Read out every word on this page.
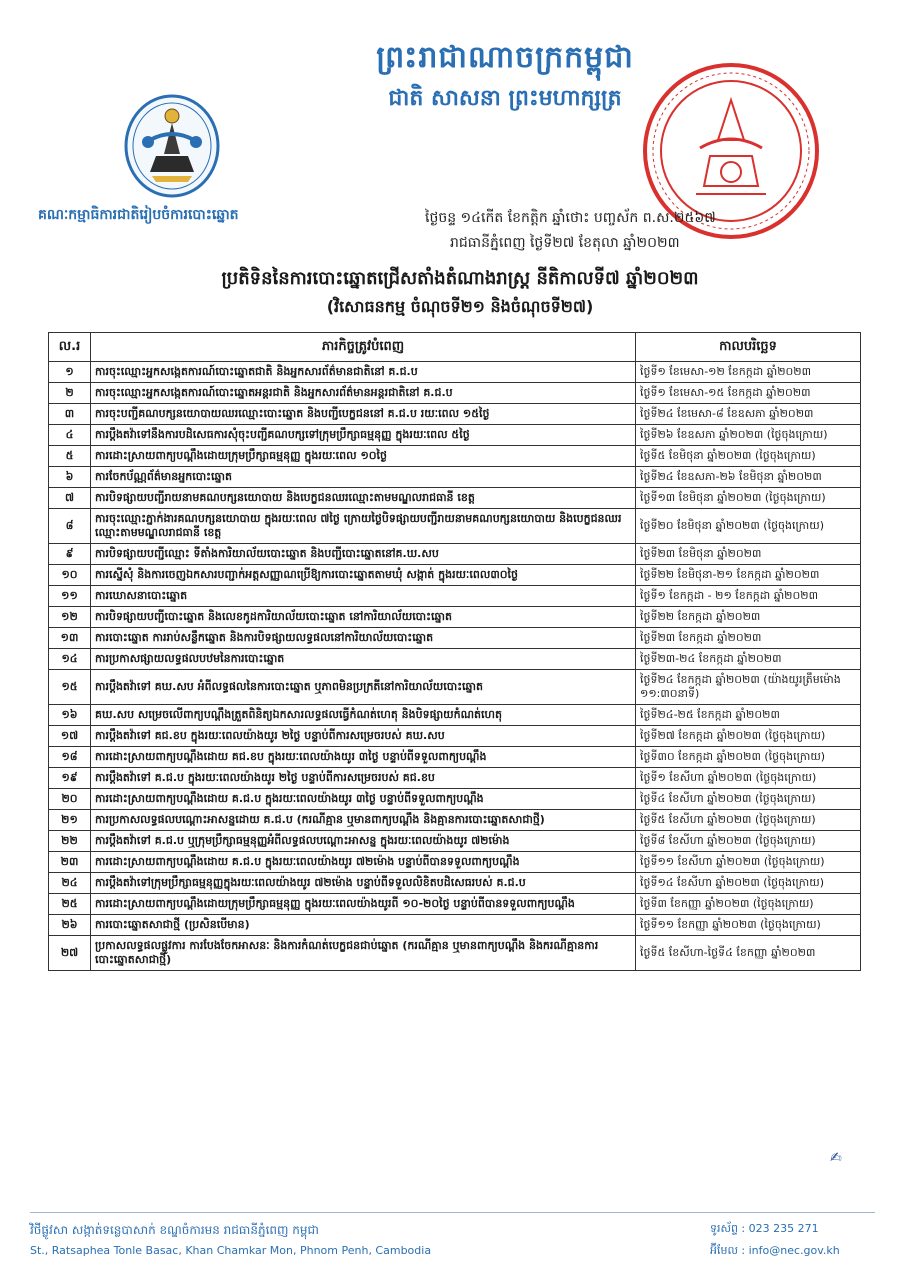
ព្រះរាជាណាចក្រកម្ពុជា
ជាតិ សាសនា ព្រះមហាក្សត្រ
គណៈកម្មាធិការជាតិរៀបចំការបោះឆ្នោត	ថ្ងៃចន្ទ ១៤កើត ខែកត្តិក ឆ្នាំថោះ បញ្ចស័ក ព.ស.២៥៦៧
រាជធានីភ្នំពេញ ថ្ងៃទី២៧ ខែតុលា ឆ្នាំ២០២៣
ប្រតិទិននៃការបោះឆ្នោតជ្រើសតាំងតំណាងរាស្ត្រ នីតិកាលទី៧ ឆ្នាំ២០២៣
(វិសោធនកម្ម ចំណុចទី២១ និងចំណុចទី២៧)
ល.រ	ភារកិច្ចត្រូវបំពេញ	កាលបរិច្ឆេទ
១	ការចុះឈ្មោះអ្នកសង្កេតការណ៍បោះឆ្នោតជាតិ និងអ្នកសារព័ត៌មានជាតិនៅ គ.ជ.ប	ថ្ងៃទី១ ខែមេសា-១២ ខែកក្កដា ឆ្នាំ២០២៣
២	ការចុះឈ្មោះអ្នកសង្កេតការណ៍បោះឆ្នោតអន្តរជាតិ និងអ្នកសារព័ត៌មានអន្តរជាតិនៅ គ.ជ.ប	ថ្ងៃទី១ ខែមេសា-១៥ ខែកក្កដា ឆ្នាំ២០២៣
៣	ការចុះបញ្ជីគណបក្សនយោបាយឈរឈ្មោះបោះឆ្នោត និងបញ្ជីបេក្ខជននៅ គ.ជ.ប រយៈពេល ១៥ថ្ងៃ	ថ្ងៃទី២៤ ខែមេសា-៨ ខែឧសភា ឆ្នាំ២០២៣
៤	ការប្តឹងតវ៉ាទៅនឹងការបដិសេធការសុំចុះបញ្ជីគណបក្សទៅក្រុមប្រឹក្សាធម្មនុញ្ញ ក្នុងរយៈពេល ៥ថ្ងៃ	ថ្ងៃទី២៦ ខែឧសភា ឆ្នាំ២០២៣ (ថ្ងៃចុងក្រោយ)
៥	ការដោះស្រាយពាក្យបណ្តឹងដោយក្រុមប្រឹក្សាធម្មនុញ្ញ ក្នុងរយៈពេល ១០ថ្ងៃ	ថ្ងៃទី៥ ខែមិថុនា ឆ្នាំ២០២៣ (ថ្ងៃចុងក្រោយ)
៦	ការចែកប័ណ្ណព័ត៌មានអ្នកបោះឆ្នោត	ថ្ងៃទី២៤ ខែឧសភា-២៦ ខែមិថុនា ឆ្នាំ២០២៣
៧	ការបិទផ្សាយបញ្ជីរាយនាមគណបក្សនយោបាយ និងបេក្ខជនឈរឈ្មោះតាមមណ្ឌលរាជធានី ខេត្ត	ថ្ងៃទី១៣ ខែមិថុនា ឆ្នាំ២០២៣ (ថ្ងៃចុងក្រោយ)
៨	ការចុះឈ្មោះភ្នាក់ងារគណបក្សនយោបាយ ក្នុងរយៈពេល ៧ថ្ងៃ ក្រោយថ្ងៃបិទផ្សាយបញ្ជីរាយនាមគណបក្សនយោបាយ និងបេក្ខជនឈរឈ្មោះតាមមណ្ឌលរាជធានី ខេត្ត	ថ្ងៃទី២០ ខែមិថុនា ឆ្នាំ២០២៣ (ថ្ងៃចុងក្រោយ)
៩	ការបិទផ្សាយបញ្ជីឈ្មោះ ទីតាំងការិយាល័យបោះឆ្នោត និងបញ្ជីបោះឆ្នោតនៅគ.ឃ.សប	ថ្ងៃទី២៣ ខែមិថុនា ឆ្នាំ២០២៣
១០	ការស្នើសុំ និងការចេញឯកសារបញ្ជាក់អត្តសញ្ញាណប្រើឱ្យការបោះឆ្នោតតាមឃុំ សង្កាត់ ក្នុងរយៈពេល៣០ថ្ងៃ	ថ្ងៃទី២២ ខែមិថុនា-២១ ខែកក្កដា ឆ្នាំ២០២៣
១១	ការឃោសនាបោះឆ្នោត	ថ្ងៃទី១ ខែកក្កដា - ២១ ខែកក្កដា ឆ្នាំ២០២៣
១២	ការបិទផ្សាយបញ្ជីបោះឆ្នោត និងលេខកូដការិយាល័យបោះឆ្នោត នៅការិយាល័យបោះឆ្នោត	ថ្ងៃទី២២ ខែកក្កដា ឆ្នាំ២០២៣
១៣	ការបោះឆ្នោត ការរាប់សន្លឹកឆ្នោត និងការបិទផ្សាយលទ្ធផលនៅការិយាល័យបោះឆ្នោត	ថ្ងៃទី២៣ ខែកក្កដា ឆ្នាំ២០២៣
១៤	ការប្រកាសផ្សាយលទ្ធផលបឋមនៃការបោះឆ្នោត	ថ្ងៃទី២៣-២៤ ខែកក្កដា ឆ្នាំ២០២៣
១៥	ការប្តឹងតវ៉ាទៅ គឃ.សប អំពីលទ្ធផលនៃការបោះឆ្នោត ឬភាពមិនប្រក្រតីនៅការិយាល័យបោះឆ្នោត	ថ្ងៃទី២៤ ខែកក្កដា ឆ្នាំ២០២៣ (យ៉ាងយូរត្រឹមម៉ោង ១១:៣០នាទី)
១៦	គឃ.សប សម្រេចលើពាក្យបណ្តឹងត្រួតពិនិត្យឯកសារលទ្ធផលធ្វើកំណត់ហេតុ និងបិទផ្សាយកំណត់ហេតុ	ថ្ងៃទី២៤-២៥ ខែកក្កដា ឆ្នាំ២០២៣
១៧	ការប្តឹងតវ៉ាទៅ គជ.ខប ក្នុងរយៈពេលយ៉ាងយូរ ២ថ្ងៃ បន្ទាប់ពីការសម្រេចរបស់ គឃ.សប	ថ្ងៃទី២៧ ខែកក្កដា ឆ្នាំ២០២៣ (ថ្ងៃចុងក្រោយ)
១៨	ការដោះស្រាយពាក្យបណ្តឹងដោយ គជ.ខប ក្នុងរយៈពេលយ៉ាងយូរ ៣ថ្ងៃ បន្ទាប់ពីទទួលពាក្យបណ្តឹង	ថ្ងៃទី៣០ ខែកក្កដា ឆ្នាំ២០២៣ (ថ្ងៃចុងក្រោយ)
១៩	ការប្តឹងតវ៉ាទៅ គ.ជ.ប ក្នុងរយៈពេលយ៉ាងយូរ ២ថ្ងៃ បន្ទាប់ពីការសម្រេចរបស់ គជ.ខប	ថ្ងៃទី១ ខែសីហា ឆ្នាំ២០២៣ (ថ្ងៃចុងក្រោយ)
២០	ការដោះស្រាយពាក្យបណ្តឹងដោយ គ.ជ.ប ក្នុងរយៈពេលយ៉ាងយូរ ៣ថ្ងៃ បន្ទាប់ពីទទួលពាក្យបណ្តឹង	ថ្ងៃទី៤ ខែសីហា ឆ្នាំ២០២៣ (ថ្ងៃចុងក្រោយ)
២១	ការប្រកាសលទ្ធផលបណ្តោះអាសន្នដោយ គ.ជ.ប (ករណីគ្មាន ឬមានពាក្យបណ្តឹង និងគ្មានការបោះឆ្នោតសាជាថ្មី)	ថ្ងៃទី៥ ខែសីហា ឆ្នាំ២០២៣ (ថ្ងៃចុងក្រោយ)
២២	ការប្តឹងតវ៉ាទៅ គ.ជ.ប ឬក្រុមប្រឹក្សាធម្មនុញ្ញអំពីលទ្ធផលបណ្តោះអាសន្ន ក្នុងរយៈពេលយ៉ាងយូរ ៧២ម៉ោង	ថ្ងៃទី៨ ខែសីហា ឆ្នាំ២០២៣ (ថ្ងៃចុងក្រោយ)
២៣	ការដោះស្រាយពាក្យបណ្តឹងដោយ គ.ជ.ប ក្នុងរយៈពេលយ៉ាងយូរ ៧២ម៉ោង បន្ទាប់ពីបានទទួលពាក្យបណ្តឹង	ថ្ងៃទី១១ ខែសីហា ឆ្នាំ២០២៣ (ថ្ងៃចុងក្រោយ)
២៤	ការប្តឹងតវ៉ាទៅក្រុមប្រឹក្សាធម្មនុញ្ញក្នុងរយៈពេលយ៉ាងយូរ ៧២ម៉ោង បន្ទាប់ពីទទួលលិខិតបដិសេធរបស់ គ.ជ.ប	ថ្ងៃទី១៤ ខែសីហា ឆ្នាំ២០២៣ (ថ្ងៃចុងក្រោយ)
២៥	ការដោះស្រាយពាក្យបណ្តឹងដោយក្រុមប្រឹក្សាធម្មនុញ្ញ ក្នុងរយៈពេលយ៉ាងយូរពី ១០-២០ថ្ងៃ បន្ទាប់ពីបានទទួលពាក្យបណ្តឹង	ថ្ងៃទី៣ ខែកញ្ញា ឆ្នាំ២០២៣ (ថ្ងៃចុងក្រោយ)
២៦	ការបោះឆ្នោតសាជាថ្មី (ប្រសិនបើមាន)	ថ្ងៃទី១១ ខែកញ្ញា ឆ្នាំ២០២៣ (ថ្ងៃចុងក្រោយ)
២៧	ប្រកាសលទ្ធផលផ្លូវការ ការបែងចែកអាសនៈ និងការកំណត់បេក្ខជនជាប់ឆ្នោត (ករណីគ្មាន ឬមានពាក្យបណ្តឹង និងករណីគ្មានការបោះឆ្នោតសាជាថ្មី)	ថ្ងៃទី៥ ខែសីហា-ថ្ងៃទី៤ ខែកញ្ញា ឆ្នាំ២០២៣
✍
វិថីផ្លូវសា សង្កាត់ទន្លេបាសាក់ ខណ្ឌចំការមន រាជធានីភ្នំពេញ កម្ពុជា
St., Ratsaphea Tonle Basac, Khan Chamkar Mon, Phnom Penh, Cambodia
ទូរស័ព្ទ : 023 235 271
អ៊ីមែល : info@nec.gov.kh
